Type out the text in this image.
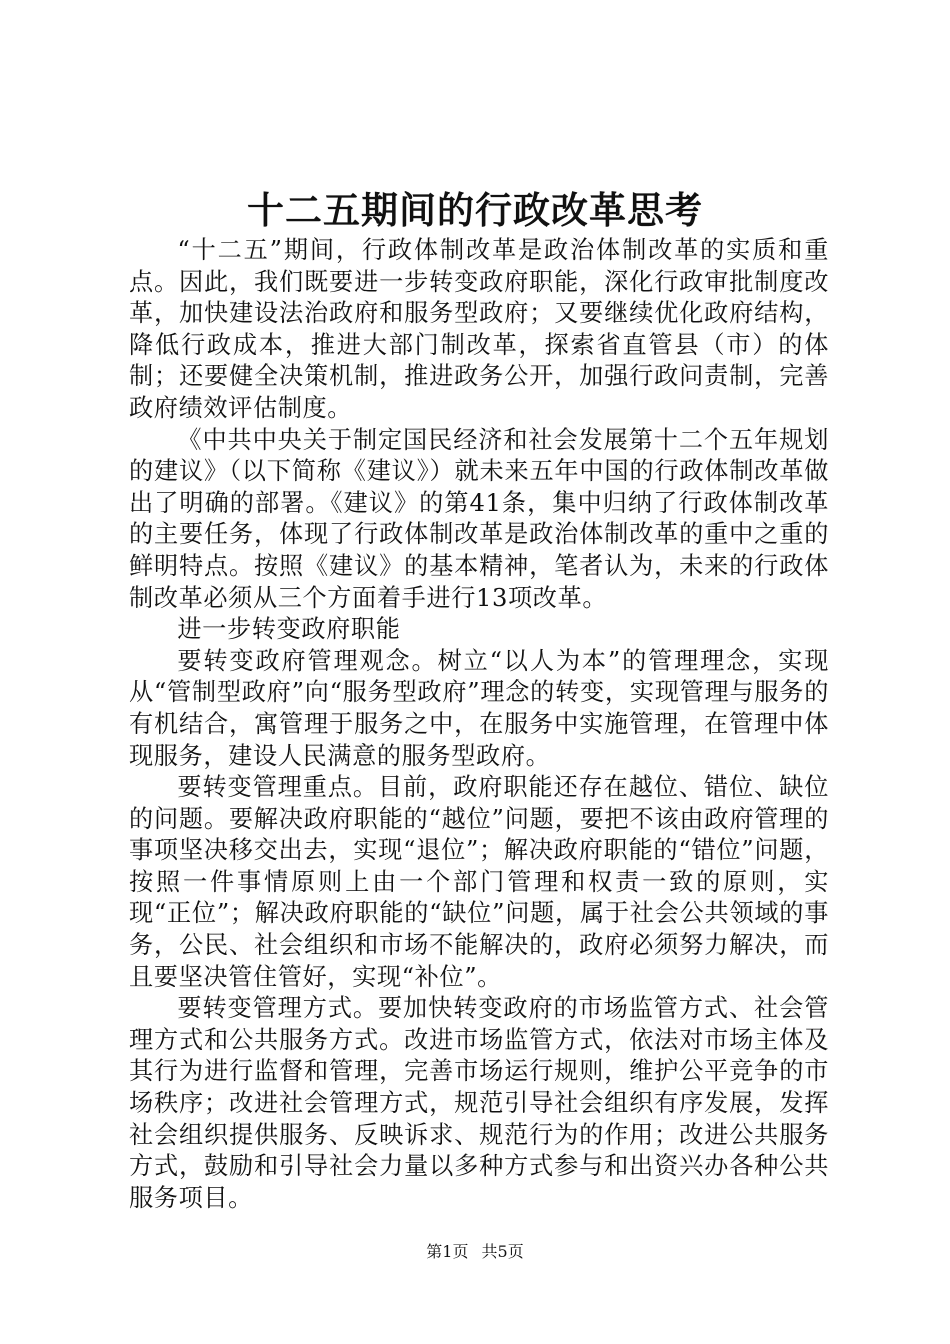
十二五期间的行政改革思考

“十二五”期间，行政体制改革是政治体制改革的实质和重点。因此，我们既要进一步转变政府职能，深化行政审批制度改革，加快建设法治政府和服务型政府；又要继续优化政府结构，降低行政成本，推进大部门制改革，探索省直管县（市）的体制；还要健全决策机制，推进政务公开，加强行政问责制，完善政府绩效评估制度。

《中共中央关于制定国民经济和社会发展第十二个五年规划的建议》（以下简称《建议》）就未来五年中国的行政体制改革做出了明确的部署。《建议》的第41条，集中归纳了行政体制改革的主要任务，体现了行政体制改革是政治体制改革的重中之重的鲜明特点。按照《建议》的基本精神，笔者认为，未来的行政体制改革必须从三个方面着手进行13项改革。

进一步转变政府职能

要转变政府管理观念。树立“以人为本”的管理理念，实现从“管制型政府”向“服务型政府”理念的转变，实现管理与服务的有机结合，寓管理于服务之中，在服务中实施管理，在管理中体现服务，建设人民满意的服务型政府。

要转变管理重点。目前，政府职能还存在越位、错位、缺位的问题。要解决政府职能的“越位”问题，要把不该由政府管理的事项坚决移交出去，实现“退位”；解决政府职能的“错位”问题，按照一件事情原则上由一个部门管理和权责一致的原则，实现“正位”；解决政府职能的“缺位”问题，属于社会公共领域的事务，公民、社会组织和市场不能解决的，政府必须努力解决，而且要坚决管住管好，实现“补位”。

要转变管理方式。要加快转变政府的市场监管方式、社会管理方式和公共服务方式。改进市场监管方式，依法对市场主体及其行为进行监督和管理，完善市场运行规则，维护公平竞争的市场秩序；改进社会管理方式，规范引导社会组织有序发展，发挥社会组织提供服务、反映诉求、规范行为的作用；改进公共服务方式，鼓励和引导社会力量以多种方式参与和出资兴办各种公共服务项目。

第1页 共5页
